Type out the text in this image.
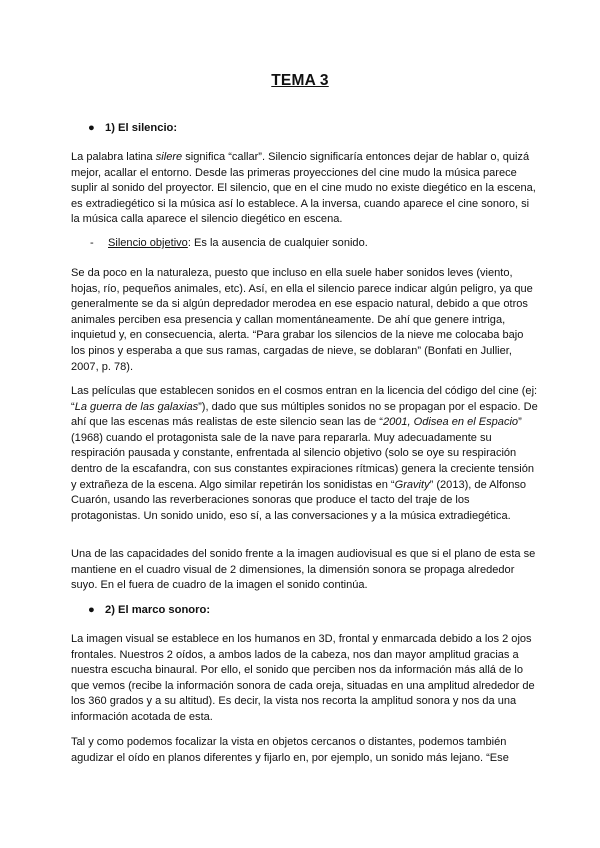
TEMA 3
● 1) El silencio:

La palabra latina silere significa “callar”. Silencio significaría entonces dejar de hablar o, quizá mejor, acallar el entorno. Desde las primeras proyecciones del cine mudo la música parece suplir al sonido del proyector. El silencio, que en el cine mudo no existe diegético en la escena, es extradiegético si la música así lo establece. A la inversa, cuando aparece el cine sonoro, si la música calla aparece el silencio diegético en escena.

- Silencio objetivo: Es la ausencia de cualquier sonido.

Se da poco en la naturaleza, puesto que incluso en ella suele haber sonidos leves (viento, hojas, río, pequeños animales, etc). Así, en ella el silencio parece indicar algún peligro, ya que generalmente se da si algún depredador merodea en ese espacio natural, debido a que otros animales perciben esa presencia y callan momentáneamente. De ahí que genere intriga, inquietud y, en consecuencia, alerta. “Para grabar los silencios de la nieve me colocaba bajo los pinos y esperaba a que sus ramas, cargadas de nieve, se doblaran” (Bonfati en Jullier, 2007, p. 78).

Las películas que establecen sonidos en el cosmos entran en la licencia del código del cine (ej: “La guerra de las galaxias”), dado que sus múltiples sonidos no se propagan por el espacio. De ahí que las escenas más realistas de este silencio sean las de “2001, Odisea en el Espacio” (1968) cuando el protagonista sale de la nave para repararla. Muy adecuadamente su respiración pausada y constante, enfrentada al silencio objetivo (solo se oye su respiración dentro de la escafandra, con sus constantes expiraciones rítmicas) genera la creciente tensión y extrañeza de la escena. Algo similar repetirán los sonidistas en “Gravity” (2013), de Alfonso Cuarón, usando las reverberaciones sonoras que produce el tacto del traje de los protagonistas. Un sonido unido, eso sí, a las conversaciones y a la música extradiegética.

Una de las capacidades del sonido frente a la imagen audiovisual es que si el plano de esta se mantiene en el cuadro visual de 2 dimensiones, la dimensión sonora se propaga alrededor suyo. En el fuera de cuadro de la imagen el sonido continúa.

● 2) El marco sonoro:

La imagen visual se establece en los humanos en 3D, frontal y enmarcada debido a los 2 ojos frontales. Nuestros 2 oídos, a ambos lados de la cabeza, nos dan mayor amplitud gracias a nuestra escucha binaural. Por ello, el sonido que perciben nos da información más allá de lo que vemos (recibe la información sonora de cada oreja, situadas en una amplitud alrededor de los 360 grados y a su altitud). Es decir, la vista nos recorta la amplitud sonora y nos da una información acotada de esta.

Tal y como podemos focalizar la vista en objetos cercanos o distantes, podemos también agudizar el oído en planos diferentes y fijarlo en, por ejemplo, un sonido más lejano. “Ese
